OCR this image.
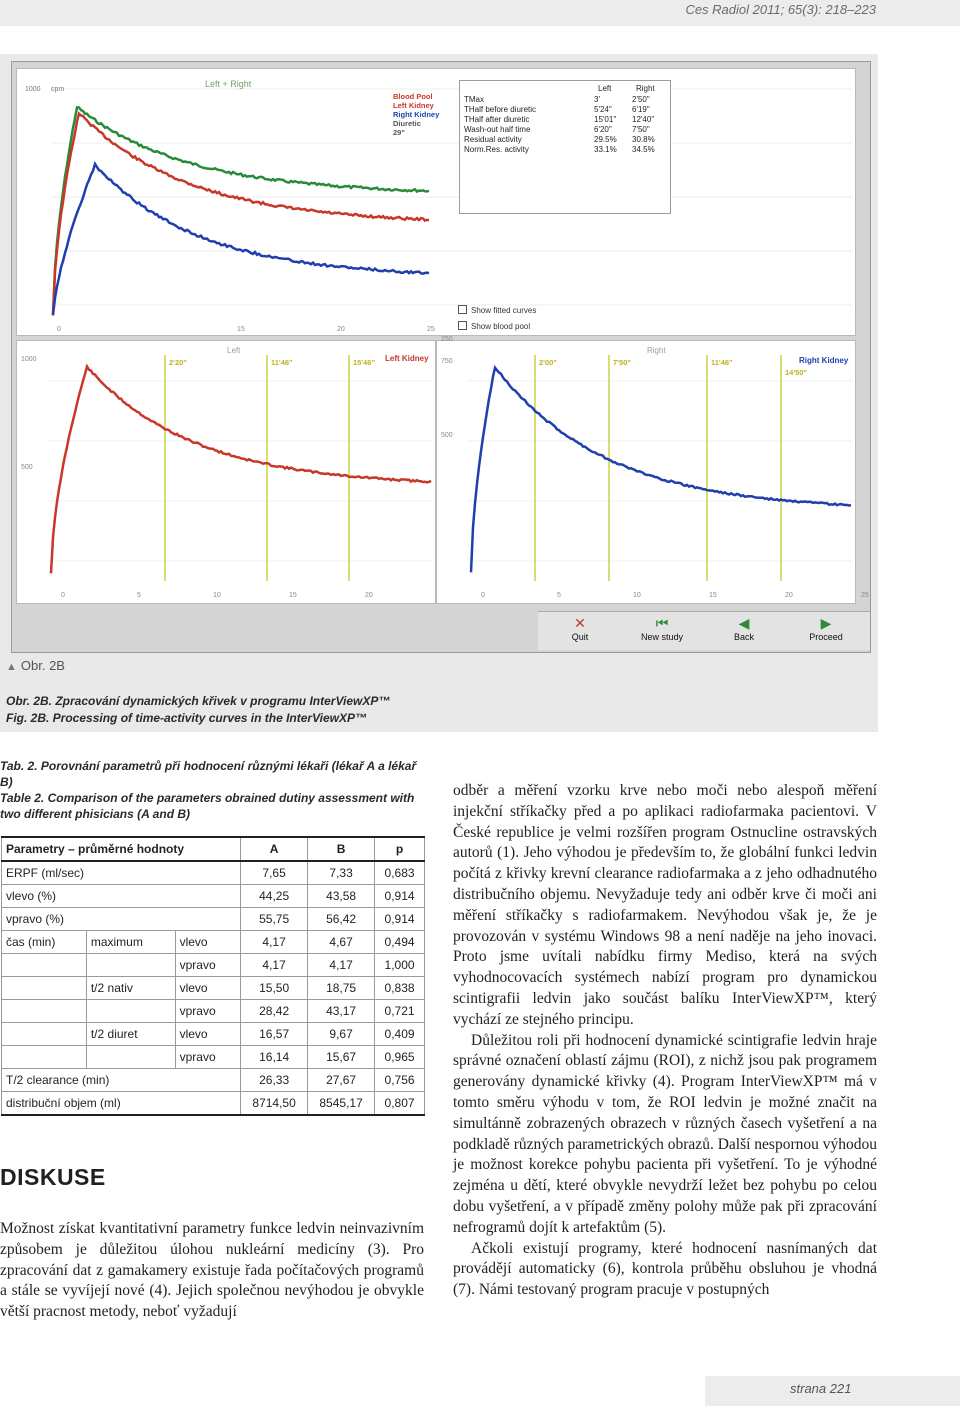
Ces Radiol 2011; 65(3): 218–223
Left + Right
1000 cpm
Blood Pool
Left Kidney
Right Kidney
Diuretic
29"
0	15	20	25
Left	Right
TMax	3'	2'50"
THalf before diuretic	5'24"	6'19"
THalf after diuretic	15'01" 12'40"
Wash-out half time	6'20"	7'50"
Residual activity	29.5% 30.8%
Norm.Res. activity	33.1% 34.5%
Show fitted curves
Show blood pool
1000
500
Left
Left Kidney
2'20"	11'46"	15'46"
0	5	10	15	20
750
500
250
Right
Right Kidney
2'00"	7'50"	11'46"
14'50"
0	5	10	15	20	25
✕
Quit
⏮
New study
◀
Back
▶
Proceed
▲ Obr. 2B
Obr. 2B. Zpracování dynamických křivek v programu InterViewXP™
Fig. 2B. Processing of time-activity curves in the InterViewXP™
Tab. 2. Porovnání parametrů při hodnocení různými lékaři (lékař A a lékař B)
Table 2. Comparison of the parameters obrained dutiny assessment with two different phisicians (A and B)
Parametry – průměrné hodnoty			A	B	p
ERPF (ml/sec)			7,65	7,33	0,683
vlevo (%)			44,25	43,58	0,914
vpravo (%)			55,75	56,42	0,914
čas (min)	maximum	vlevo	4,17	4,67	0,494
		vpravo	4,17	4,17	1,000
	t/2 nativ	vlevo	15,50	18,75	0,838
		vpravo	28,42	43,17	0,721
	t/2 diuret	vlevo	16,57	9,67	0,409
		vpravo	16,14	15,67	0,965
T/2 clearance (min)			26,33	27,67	0,756
distribuční objem (ml)			8714,50	8545,17	0,807
DISKUSE

Možnost získat kvantitativní parametry funkce ledvin neinvazivním způsobem je důležitou úlohou nukleární medicíny (3). Pro zpracování dat z gamakamery existuje řada počítačových programů a stále se vyvíjejí nové (4). Jejich společnou nevýhodou je obvykle větší pracnost metody, neboť vyžadují

odběr a měření vzorku krve nebo moči nebo alespoň měření injekční stříkačky před a po aplikaci radiofarmaka pacientovi. V České republice je velmi rozšířen program Ostnucline ostravských autorů (1). Jeho výhodou je především to, že globální funkci ledvin počítá z křivky krevní clearance radiofarmaka a z jeho odhadnutého distribučního objemu. Nevyžaduje tedy ani odběr krve či moči ani měření stříkačky s radiofarmakem. Nevýhodou však je, že je provozován v systému Windows 98 a není naděje na jeho inovaci. Proto jsme uvítali nabídku firmy Mediso, která na svých vyhodnocovacích systémech nabízí program pro dynamickou scintigrafii ledvin jako součást balíku InterViewXP™, který vychází ze stejného principu.

Důležitou roli při hodnocení dynamické scintigrafie ledvin hraje správné označení oblastí zájmu (ROI), z nichž jsou pak programem generovány dynamické křivky (4). Program InterViewXP™ má v tomto směru výhodu v tom, že ROI ledvin je možné značit na simultánně zobrazených obrazech v různých časech vyšetření a na podkladě různých parametrických obrazů. Další nespornou výhodou je možnost korekce pohybu pacienta při vyšetření. To je výhodné zejména u dětí, které obvykle nevydrží ležet bez pohybu po celou dobu vyšetření, a v případě změny polohy může pak při zpracování nefrogramů dojít k artefaktům (5).

Ačkoli existují programy, které hodnocení nasnímaných dat provádějí automaticky (6), kontrola průběhu obsluhou je vhodná (7). Námi testovaný program pracuje v postupných

strana 221
